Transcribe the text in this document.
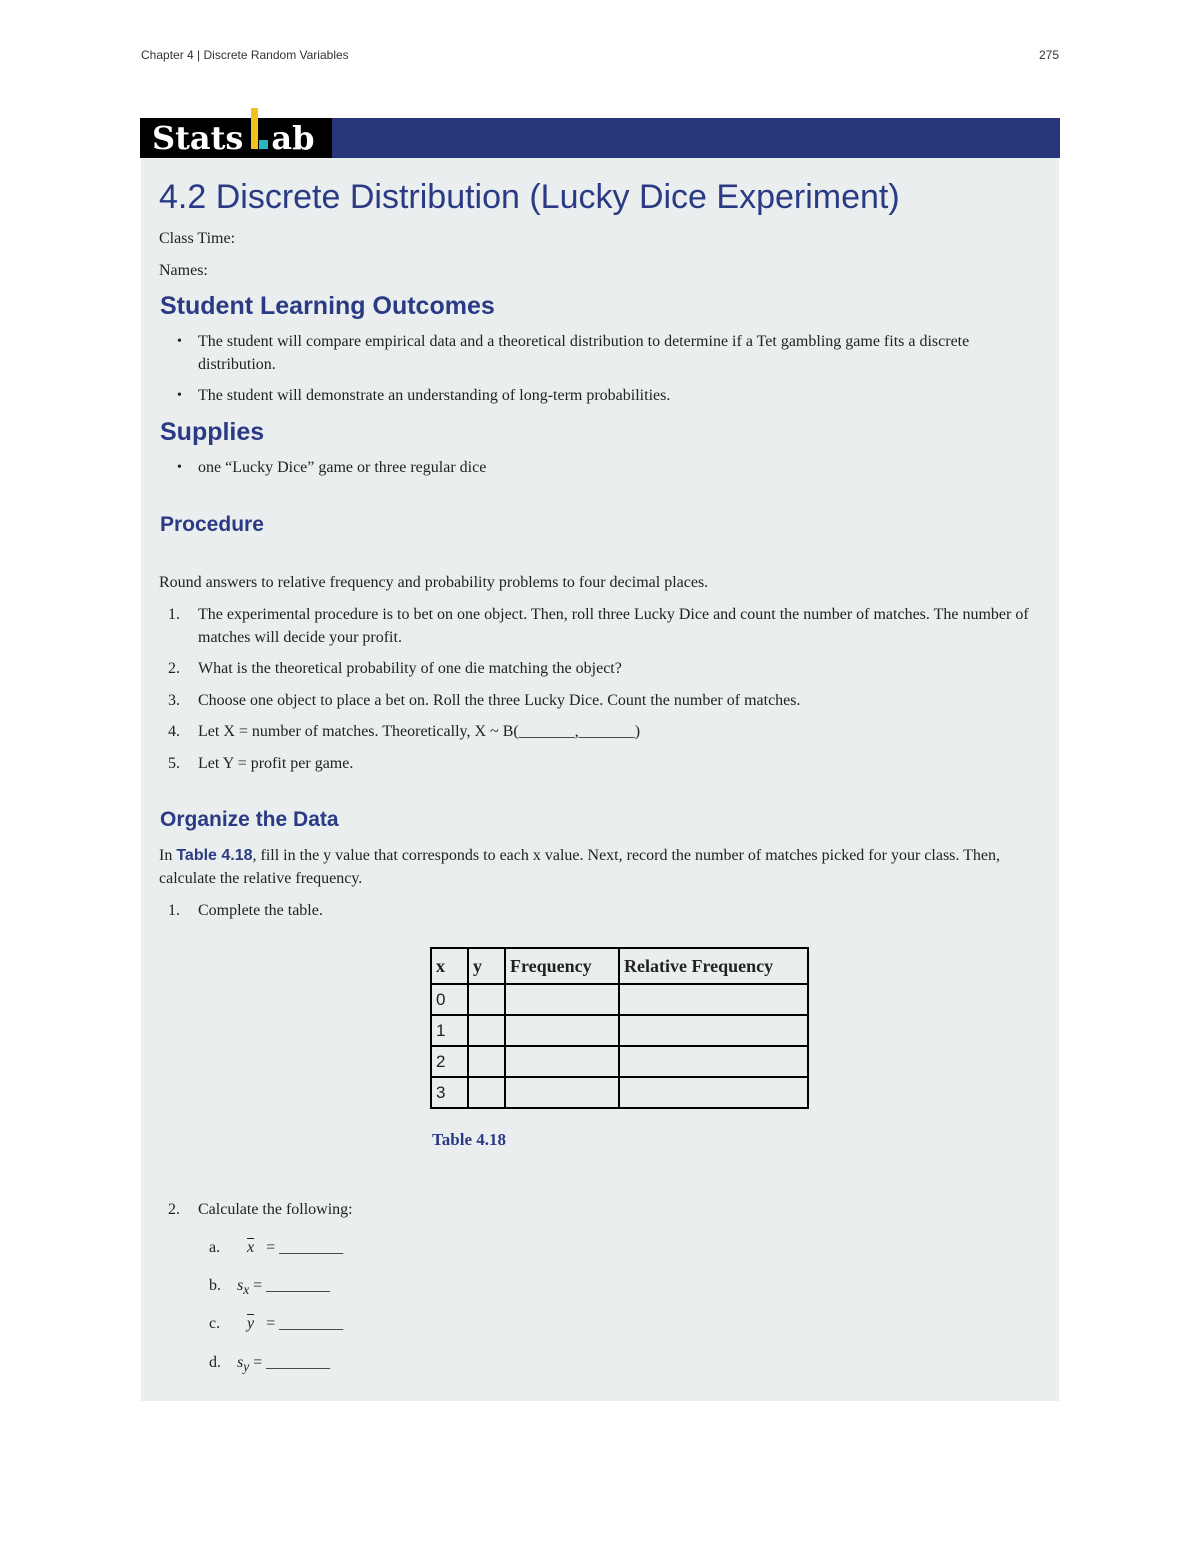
Chapter 4 | Discrete Random Variables	275
Stats ab
4.2 Discrete Distribution (Lucky Dice Experiment)
Class Time:
Names:
Student Learning Outcomes
• The student will compare empirical data and a theoretical distribution to determine if a Tet gambling game fits a discrete distribution.
• The student will demonstrate an understanding of long-term probabilities.
Supplies
• one “Lucky Dice” game or three regular dice
Procedure
Round answers to relative frequency and probability problems to four decimal places.
1. The experimental procedure is to bet on one object. Then, roll three Lucky Dice and count the number of matches. The number of matches will decide your profit.
2. What is the theoretical probability of one die matching the object?
3. Choose one object to place a bet on. Roll the three Lucky Dice. Count the number of matches.
4. Let X = number of matches. Theoretically, X ~ B(_______,_______)
5. Let Y = profit per game.
Organize the Data
In Table 4.18, fill in the y value that corresponds to each x value. Next, record the number of matches picked for your class. Then, calculate the relative frequency.
1. Complete the table.
x	y	Frequency	Relative Frequency
0			
1			
2			
3			
Table 4.18
2. Calculate the following:
a. $\overline{x}$ = ________
b. $s_x$ = ________
c. $\overline{y}$ = ________
d. $s_y$ = ________
